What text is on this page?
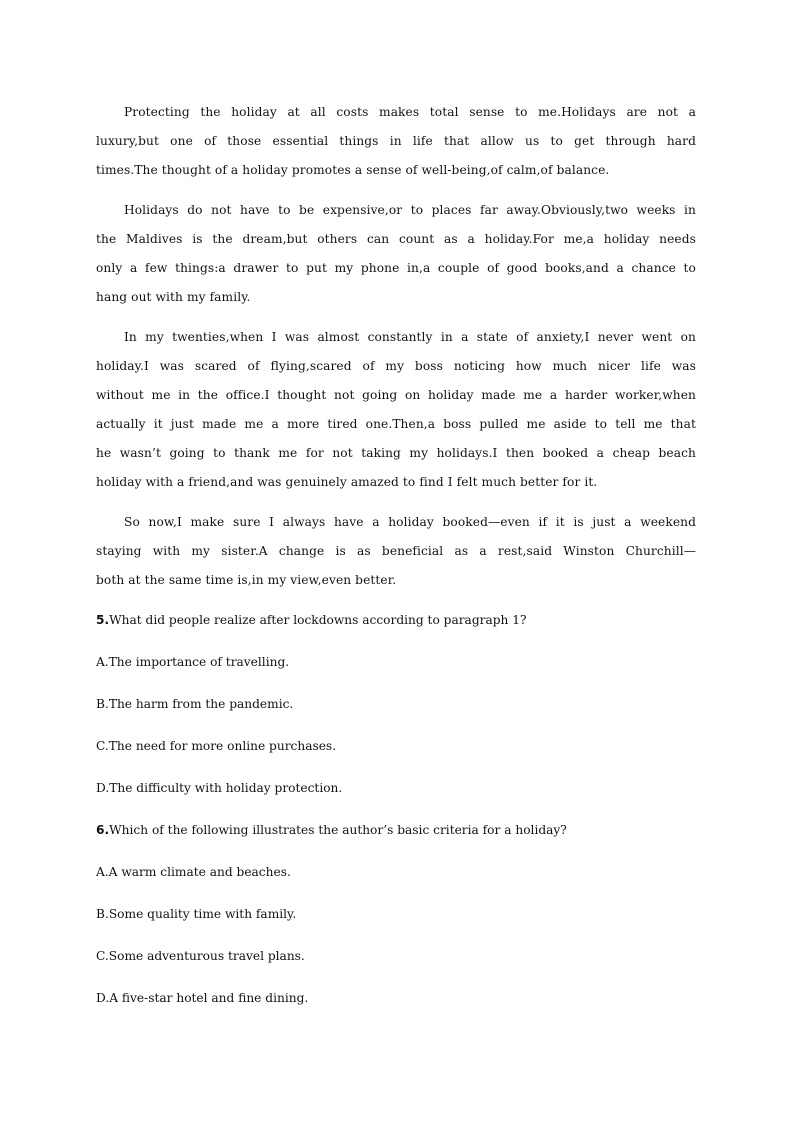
Protecting the holiday at all costs makes total sense to me.Holidays are not a
luxury,but one of those essential things in life that allow us to get through hard
times.The thought of a holiday promotes a sense of well-being,of calm,of balance.
Holidays do not have to be expensive,or to places far away.Obviously,two weeks in
the Maldives is the dream,but others can count as a holiday.For me,a holiday needs
only a few things:a drawer to put my phone in,a couple of good books,and a chance to
hang out with my family.
In my twenties,when I was almost constantly in a state of anxiety,I never went on
holiday.I was scared of flying,scared of my boss noticing how much nicer life was
without me in the office.I thought not going on holiday made me a harder worker,when
actually it just made me a more tired one.Then,a boss pulled me aside to tell me that
he wasn’t going to thank me for not taking my holidays.I then booked a cheap beach
holiday with a friend,and was genuinely amazed to find I felt much better for it.
So now,I make sure I always have a holiday booked—even if it is just a weekend
staying with my sister.A change is as beneficial as a rest,said Winston Churchill—
both at the same time is,in my view,even better.
5.What did people realize after lockdowns according to paragraph 1?
A.The importance of travelling.
B.The harm from the pandemic.
C.The need for more online purchases.
D.The difficulty with holiday protection.
6.Which of the following illustrates the author’s basic criteria for a holiday?
A.A warm climate and beaches.
B.Some quality time with family.
C.Some adventurous travel plans.
D.A five-star hotel and fine dining.
